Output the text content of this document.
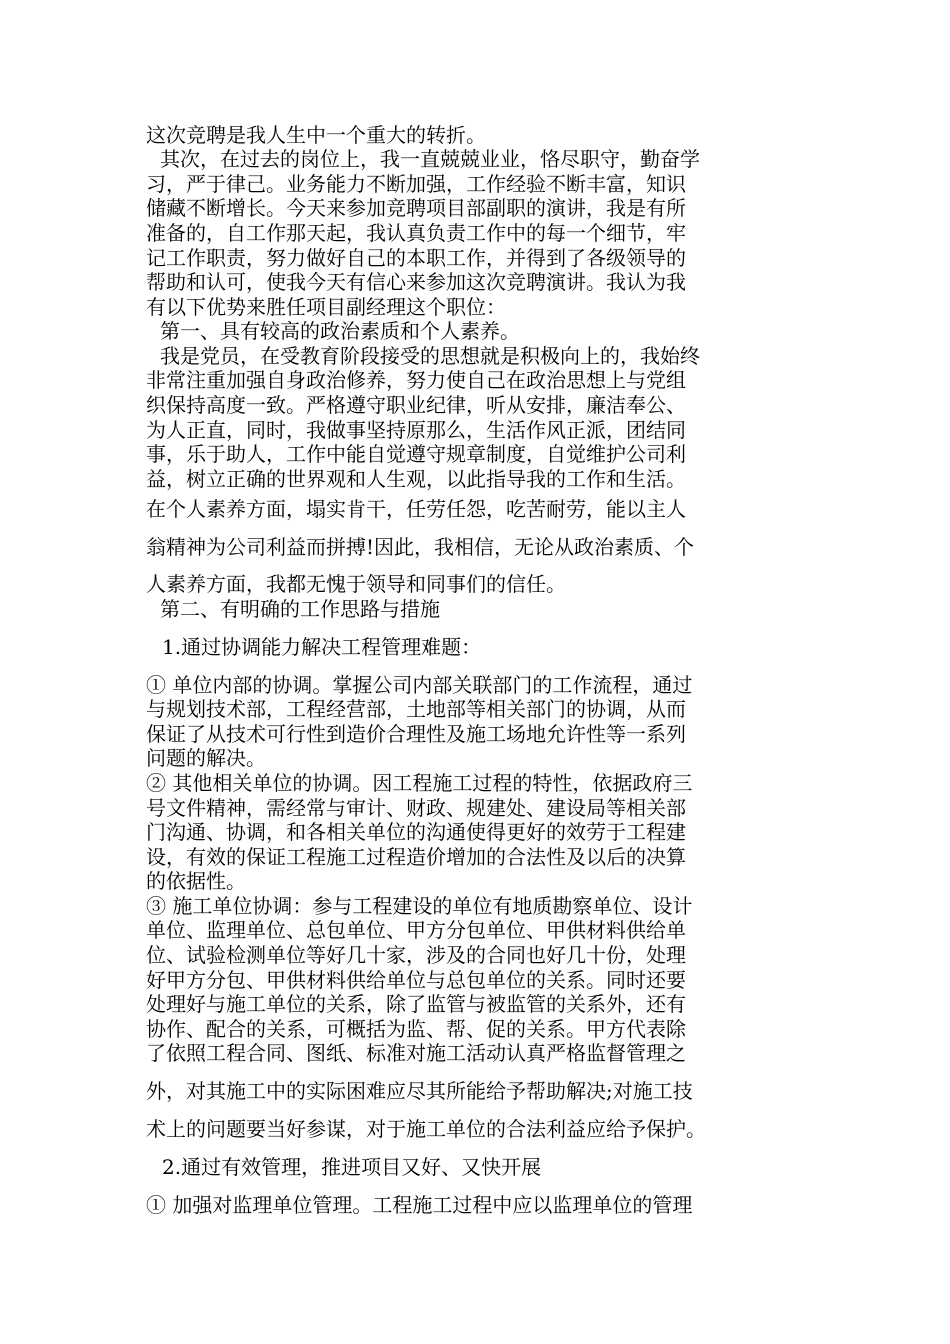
这次竞聘是我人生中一个重大的转折。
其次，在过去的岗位上，我一直兢兢业业，恪尽职守，勤奋学
习，严于律己。业务能力不断加强，工作经验不断丰富，知识
储藏不断增长。今天来参加竞聘项目部副职的演讲，我是有所
准备的，自工作那天起，我认真负责工作中的每一个细节，牢
记工作职责，努力做好自己的本职工作，并得到了各级领导的
帮助和认可，使我今天有信心来参加这次竞聘演讲。我认为我
有以下优势来胜任项目副经理这个职位：
第一、具有较高的政治素质和个人素养。
我是党员，在受教育阶段接受的思想就是积极向上的，我始终
非常注重加强自身政治修养，努力使自己在政治思想上与党组
织保持高度一致。严格遵守职业纪律，听从安排，廉洁奉公、
为人正直，同时，我做事坚持原那么，生活作风正派，团结同
事，乐于助人，工作中能自觉遵守规章制度，自觉维护公司利
益，树立正确的世界观和人生观，以此指导我的工作和生活。
在个人素养方面，塌实肯干，任劳任怨，吃苦耐劳，能以主人
翁精神为公司利益而拼搏!因此，我相信，无论从政治素质、个
人素养方面，我都无愧于领导和同事们的信任。
第二、有明确的工作思路与措施
1.通过协调能力解决工程管理难题：
① 单位内部的协调。掌握公司内部关联部门的工作流程，通过
与规划技术部，工程经营部，土地部等相关部门的协调，从而
保证了从技术可行性到造价合理性及施工场地允许性等一系列
问题的解决。
② 其他相关单位的协调。因工程施工过程的特性，依据政府三
号文件精神，需经常与审计、财政、规建处、建设局等相关部
门沟通、协调，和各相关单位的沟通使得更好的效劳于工程建
设，有效的保证工程施工过程造价增加的合法性及以后的决算
的依据性。
③ 施工单位协调：参与工程建设的单位有地质勘察单位、设计
单位、监理单位、总包单位、甲方分包单位、甲供材料供给单
位、试验检测单位等好几十家，涉及的合同也好几十份，处理
好甲方分包、甲供材料供给单位与总包单位的关系。同时还要
处理好与施工单位的关系，除了监管与被监管的关系外，还有
协作、配合的关系，可概括为监、帮、促的关系。甲方代表除
了依照工程合同、图纸、标准对施工活动认真严格监督管理之
外，对其施工中的实际困难应尽其所能给予帮助解决;对施工技
术上的问题要当好参谋，对于施工单位的合法利益应给予保护。
2.通过有效管理，推进项目又好、又快开展
① 加强对监理单位管理。工程施工过程中应以监理单位的管理
